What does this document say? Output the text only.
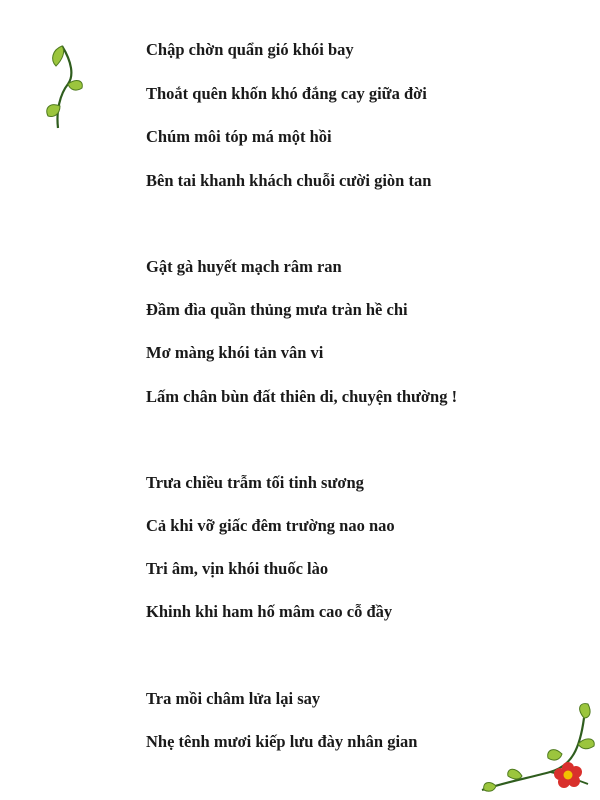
Chập chờn quẩn gió khói bay

Thoắt quên khốn khó đắng cay giữa đời

Chúm môi tóp má một hồi

Bên tai khanh khách chuỗi cười giòn tan

Gật gà huyết mạch râm ran

Đầm đìa quần thủng mưa tràn hề chi

Mơ màng khói tản vân vi

Lấm chân bùn đất thiên di, chuyện thường !

Trưa chiều trẫm tối tinh sương

Cả khi vỡ giấc đêm trường nao nao

Tri âm, vịn khói thuốc lào

Khinh khi ham hố mâm cao cỗ đầy

Tra mồi châm lửa lại say

Nhẹ tênh mươi kiếp lưu đày nhân gian
